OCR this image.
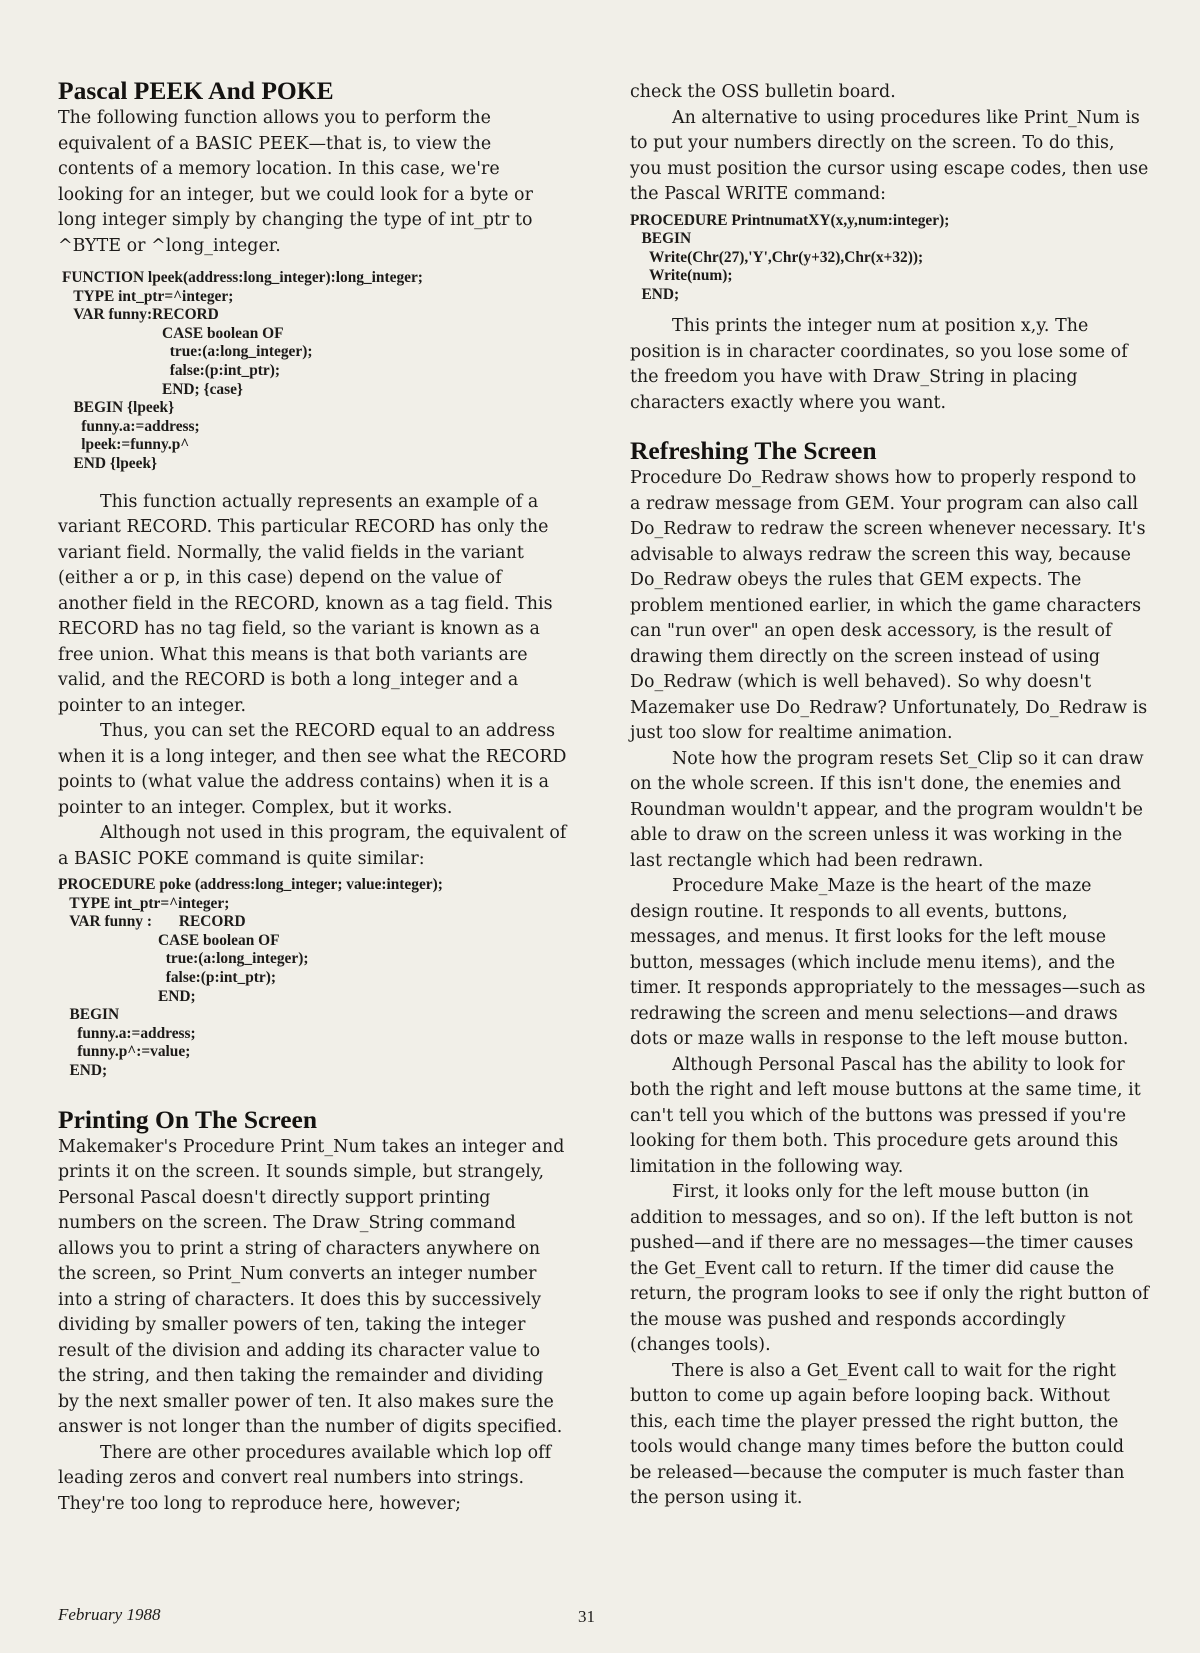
Pascal PEEK And POKE

The following function allows you to perform the equivalent of a BASIC PEEK—that is, to view the contents of a memory location. In this case, we're looking for an integer, but we could look for a byte or long integer simply by changing the type of int_ptr to ^BYTE or ^long_integer.

FUNCTION lpeek(address:long_integer):long_integer;
TYPE int_ptr=^integer;
VAR funny:RECORD
CASE boolean OF
true:(a:long_integer);
false:(p:int_ptr);
END; {case}
BEGIN {lpeek}
funny.a:=address;
lpeek:=funny.p^
END {lpeek}

This function actually represents an example of a variant RECORD. This particular RECORD has only the variant field. Normally, the valid fields in the variant (either a or p, in this case) depend on the value of another field in the RECORD, known as a tag field. This RECORD has no tag field, so the variant is known as a free union. What this means is that both variants are valid, and the RECORD is both a long_integer and a pointer to an integer.

Thus, you can set the RECORD equal to an address when it is a long integer, and then see what the RECORD points to (what value the address contains) when it is a pointer to an integer. Complex, but it works.

Although not used in this program, the equivalent of a BASIC POKE command is quite similar:

PROCEDURE poke (address:long_integer; value:integer);
TYPE int_ptr=^integer;
VAR funny :       RECORD
CASE boolean OF
true:(a:long_integer);
false:(p:int_ptr);
END;
BEGIN
funny.a:=address;
funny.p^:=value;
END;
Printing On The Screen

Makemaker's Procedure Print_Num takes an integer and prints it on the screen. It sounds simple, but strangely, Personal Pascal doesn't directly support printing numbers on the screen. The Draw_String command allows you to print a string of characters anywhere on the screen, so Print_Num converts an integer number into a string of characters. It does this by successively dividing by smaller powers of ten, taking the integer result of the division and adding its character value to the string, and then taking the remainder and dividing by the next smaller power of ten. It also makes sure the answer is not longer than the number of digits specified.

There are other procedures available which lop off leading zeros and convert real numbers into strings. They're too long to reproduce here, however;

check the OSS bulletin board.

An alternative to using procedures like Print_Num is to put your numbers directly on the screen. To do this, you must position the cursor using escape codes, then use the Pascal WRITE command:

PROCEDURE PrintnumatXY(x,y,num:integer);
BEGIN
Write(Chr(27),'Y',Chr(y+32),Chr(x+32));
Write(num);
END;

This prints the integer num at position x,y. The position is in character coordinates, so you lose some of the freedom you have with Draw_String in placing characters exactly where you want.

Refreshing The Screen

Procedure Do_Redraw shows how to properly respond to a redraw message from GEM. Your program can also call Do_Redraw to redraw the screen whenever necessary. It's advisable to always redraw the screen this way, because Do_Redraw obeys the rules that GEM expects. The problem mentioned earlier, in which the game characters can "run over" an open desk accessory, is the result of drawing them directly on the screen instead of using Do_Redraw (which is well behaved). So why doesn't Mazemaker use Do_Redraw? Unfortunately, Do_Redraw is just too slow for realtime animation.

Note how the program resets Set_Clip so it can draw on the whole screen. If this isn't done, the enemies and Roundman wouldn't appear, and the program wouldn't be able to draw on the screen unless it was working in the last rectangle which had been redrawn.

Procedure Make_Maze is the heart of the maze design routine. It responds to all events, buttons, messages, and menus. It first looks for the left mouse button, messages (which include menu items), and the timer. It responds appropriately to the messages—such as redrawing the screen and menu selections—and draws dots or maze walls in response to the left mouse button.

Although Personal Pascal has the ability to look for both the right and left mouse buttons at the same time, it can't tell you which of the buttons was pressed if you're looking for them both. This procedure gets around this limitation in the following way.

First, it looks only for the left mouse button (in addition to messages, and so on). If the left button is not pushed—and if there are no messages—the timer causes the Get_Event call to return. If the timer did cause the return, the program looks to see if only the right button of the mouse was pushed and responds accordingly (changes tools).

There is also a Get_Event call to wait for the right button to come up again before looping back. Without this, each time the player pressed the right button, the tools would change many times before the button could be released—because the computer is much faster than the person using it.

February 1988	31
